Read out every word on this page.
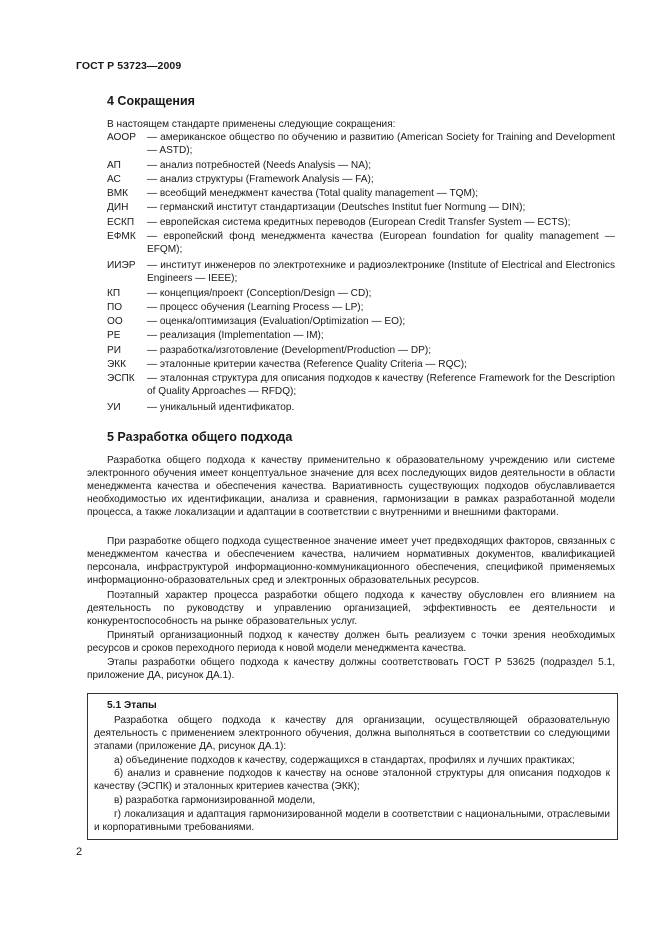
ГОСТ Р 53723—2009
4 Сокращения
В настоящем стандарте применены следующие сокращения:
АООР — американское общество по обучению и развитию (American Society for Training and Development — ASTD);
АП	— анализ потребностей (Needs Analysis — NA);
АС	— анализ структуры (Framework Analysis — FA);
ВМК — всеобщий менеджмент качества (Total quality management — TQM);
ДИН — германский институт стандартизации (Deutsches Institut fuer Normung — DIN);
ЕСКП — европейская система кредитных переводов (European Credit Transfer System — ECTS);
ЕФМК — европейский фонд менеджмента качества (European foundation for quality management — EFQM);
ИИЭР — институт инженеров по электротехнике и радиоэлектронике (Institute of Electrical and Electronics Engineers — IEEE);
КП	— концепция/проект (Conception/Design — CD);
ПО — процесс обучения (Learning Process — LP);
ОО — оценка/оптимизация (Evaluation/Optimization — EO);
РЕ	— реализация (Implementation — IM);
РИ	— разработка/изготовление (Development/Production — DP);
ЭКК — эталонные критерии качества (Reference Quality Criteria — RQC);
ЭСПК — эталонная структура для описания подходов к качеству (Reference Framework for the Description of Quality Approaches — RFDQ);
УИ	— уникальный идентификатор.
5 Разработка общего подхода
Разработка общего подхода к качеству применительно к образовательному учреждению или системе электронного обучения имеет концептуальное значение для всех последующих видов деятельности в области менеджмента качества и обеспечения качества. Вариативность существующих подходов обуславливается необходимостью их идентификации, анализа и сравнения, гармонизации в рамках разработанной модели процесса, а также локализации и адаптации в соответствии с внутренними и внешними факторами.
При разработке общего подхода существенное значение имеет учет предвходящих факторов, связанных с менеджментом качества и обеспечением качества, наличием нормативных документов, квалификацией персонала, инфраструктурой информационно-коммуникационного обеспечения, спецификой применяемых информационно-образовательных сред и электронных образовательных ресурсов.
Поэтапный характер процесса разработки общего подхода к качеству обусловлен его влиянием на деятельность по руководству и управлению организацией, эффективность ее деятельности и конкурентоспособность на рынке образовательных услуг.
Принятый организационный подход к качеству должен быть реализуем с точки зрения необходимых ресурсов и сроков переходного периода к новой модели менеджмента качества.
Этапы разработки общего подхода к качеству должны соответствовать ГОСТ Р 53625 (подраздел 5.1, приложение ДА, рисунок ДА.1).
5.1 Этапы
Разработка общего подхода к качеству для организации, осуществляющей образовательную деятельность с применением электронного обучения, должна выполняться в соответствии со следующими этапами (приложение ДА, рисунок ДА.1):
а) объединение подходов к качеству, содержащихся в стандартах, профилях и лучших практиках;
б) анализ и сравнение подходов к качеству на основе эталонной структуры для описания подходов к качеству (ЭСПК) и эталонных критериев качества (ЭКК);
в) разработка гармонизированной модели,
г) локализация и адаптация гармонизированной модели в соответствии с национальными, отраслевыми и корпоративными требованиями.
2
